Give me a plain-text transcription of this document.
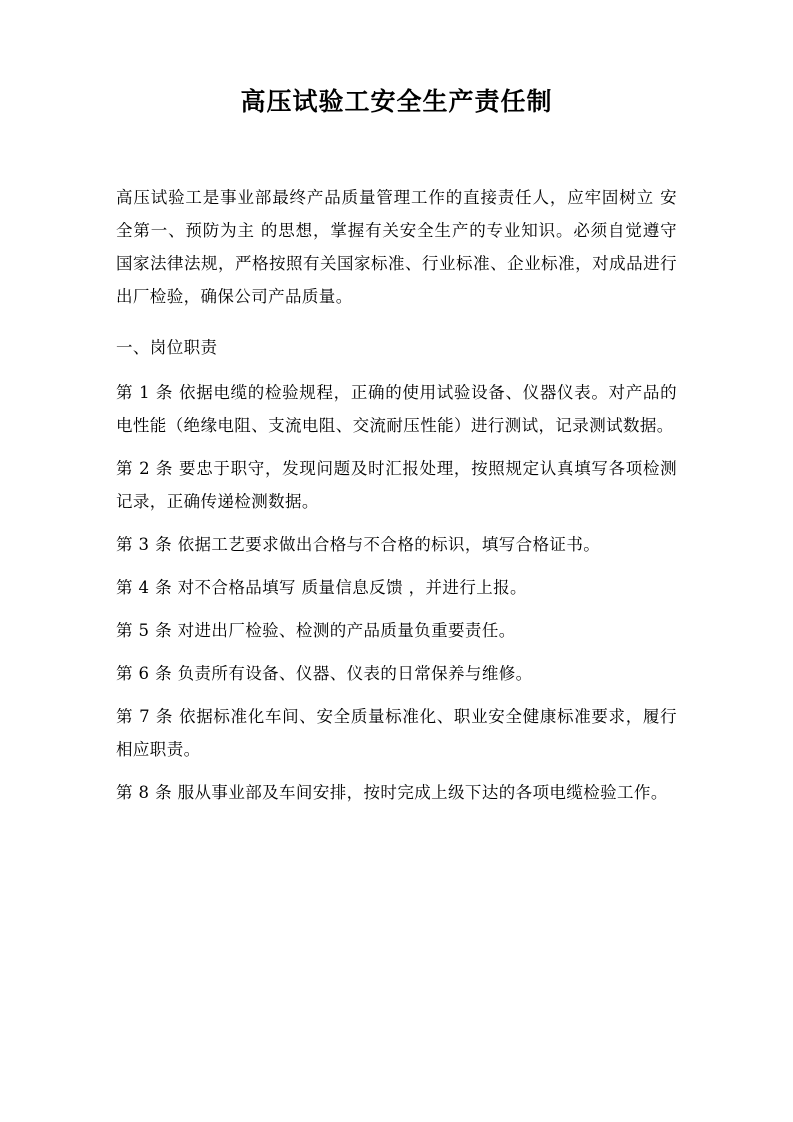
高压试验工安全生产责任制

高压试验工是事业部最终产品质量管理工作的直接责任人，应牢固树立 安全第一、预防为主 的思想，掌握有关安全生产的专业知识。必须自觉遵守国家法律法规，严格按照有关国家标准、行业标准、企业标准，对成品进行出厂检验，确保公司产品质量。

一、岗位职责

第 1 条 依据电缆的检验规程，正确的使用试验设备、仪器仪表。对产品的电性能（绝缘电阻、支流电阻、交流耐压性能）进行测试，记录测试数据。

第 2 条 要忠于职守，发现问题及时汇报处理，按照规定认真填写各项检测记录，正确传递检测数据。

第 3 条 依据工艺要求做出合格与不合格的标识，填写合格证书。

第 4 条 对不合格品填写 质量信息反馈 ，并进行上报。

第 5 条 对进出厂检验、检测的产品质量负重要责任。

第 6 条 负责所有设备、仪器、仪表的日常保养与维修。

第 7 条 依据标准化车间、安全质量标准化、职业安全健康标准要求，履行相应职责。

第 8 条 服从事业部及车间安排，按时完成上级下达的各项电缆检验工作。
